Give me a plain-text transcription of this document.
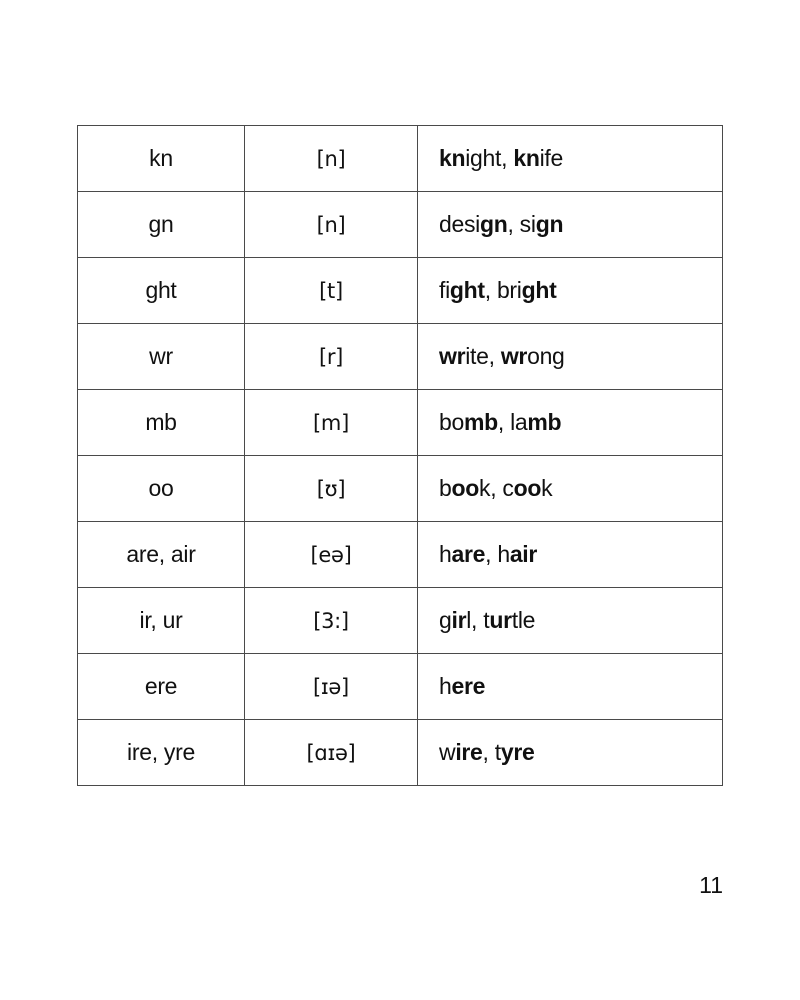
kn	[n]	knight, knife
gn	[n]	design, sign
ght	[t]	fight, bright
wr	[r]	write, wrong
mb	[m]	bomb, lamb
oo	[ʊ]	book, cook
are, air	[eə]	hare, hair
ir, ur	[3:]	girl, turtle
ere	[ɪə]	here
ire, yre	[ɑɪə]	wire, tyre
11
